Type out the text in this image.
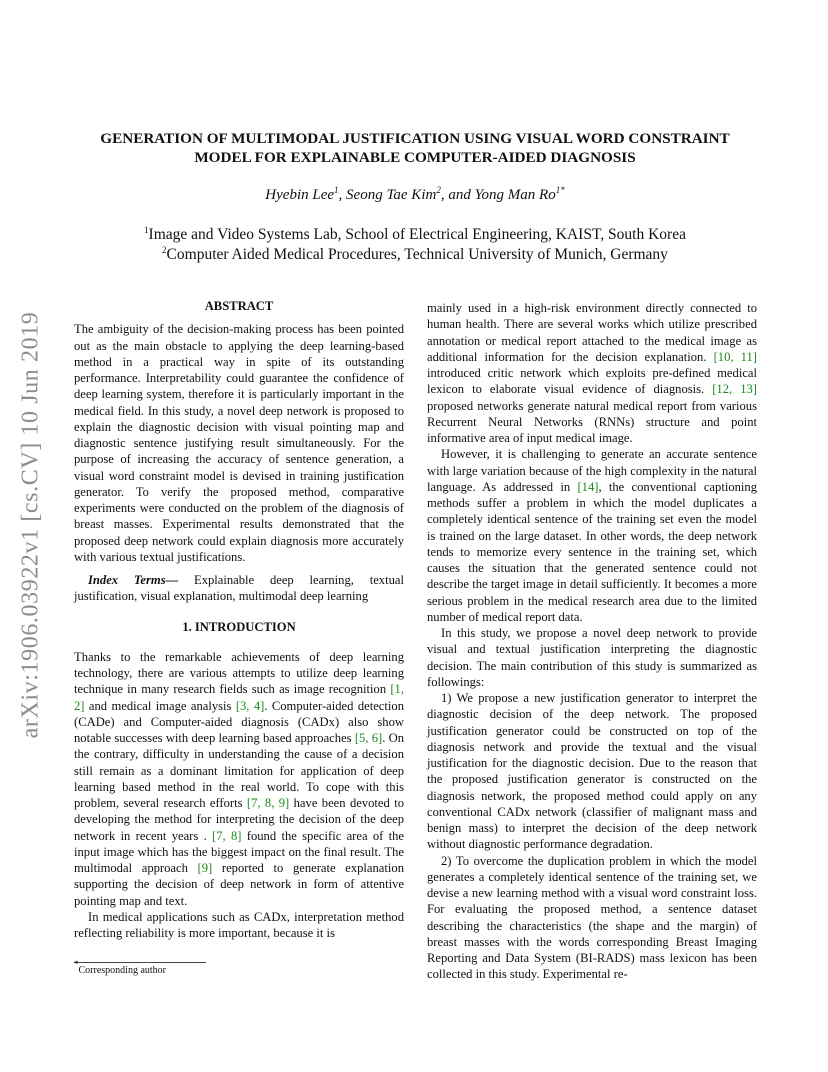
arXiv:1906.03922v1 [cs.CV] 10 Jun 2019
GENERATION OF MULTIMODAL JUSTIFICATION USING VISUAL WORD CONSTRAINT
MODEL FOR EXPLAINABLE COMPUTER-AIDED DIAGNOSIS
Hyebin Lee$^1$, Seong Tae Kim$^2$, and Yong Man $Ro^{1*}$
$^1$Image and Video Systems Lab, School of Electrical Engineering, KAIST, South Korea
$^2$Computer Aided Medical Procedures, Technical University of Munich, Germany

ABSTRACT

The ambiguity of the decision-making process has been pointed out as the main obstacle to applying the deep learning-based method in a practical way in spite of its outstanding performance. Interpretability could guarantee the confidence of deep learning system, therefore it is particularly important in the medical field. In this study, a novel deep network is proposed to explain the diagnostic decision with visual pointing map and diagnostic sentence justifying result simultaneously. For the purpose of increasing the accuracy of sentence generation, a visual word constraint model is devised in training justification generator. To verify the proposed method, comparative experiments were conducted on the problem of the diagnosis of breast masses. Experimental results demonstrated that the proposed deep network could explain diagnosis more accurately with various textual justifications.

Index Terms— Explainable deep learning, textual justification, visual explanation, multimodal deep learning

1. INTRODUCTION

Thanks to the remarkable achievements of deep learning technology, there are various attempts to utilize deep learning technique in many research fields such as image recognition [1, 2] and medical image analysis [3, 4]. Computer-aided detection (CADe) and Computer-aided diagnosis (CADx) also show notable successes with deep learning based approaches [5, 6]. On the contrary, difficulty in understanding the cause of a decision still remain as a dominant limitation for application of deep learning based method in the real world. To cope with this problem, several research efforts [7, 8, 9] have been devoted to developing the method for interpreting the decision of the deep network in recent years . [7, 8] found the specific area of the input image which has the biggest impact on the final result. The multimodal approach [9] reported to generate explanation supporting the decision of deep network in form of attentive pointing map and text.

In medical applications such as CADx, interpretation method reflecting reliability is more important, because it is

*Corresponding author

mainly used in a high-risk environment directly connected to human health. There are several works which utilize prescribed annotation or medical report attached to the medical image as additional information for the decision explanation. [10, 11] introduced critic network which exploits pre-defined medical lexicon to elaborate visual evidence of diagnosis. [12, 13] proposed networks generate natural medical report from various Recurrent Neural Networks (RNNs) structure and point informative area of input medical image.

However, it is challenging to generate an accurate sentence with large variation because of the high complexity in the natural language. As addressed in [14], the conventional captioning methods suffer a problem in which the model duplicates a completely identical sentence of the training set even the model is trained on the large dataset. In other words, the deep network tends to memorize every sentence in the training set, which causes the situation that the generated sentence could not describe the target image in detail sufficiently. It becomes a more serious problem in the medical research area due to the limited number of medical report data.

In this study, we propose a novel deep network to provide visual and textual justification interpreting the diagnostic decision. The main contribution of this study is summarized as followings:

1) We propose a new justification generator to interpret the diagnostic decision of the deep network. The proposed justification generator could be constructed on top of the diagnosis network and provide the textual and the visual justification for the diagnostic decision. Due to the reason that the proposed justification generator is constructed on the diagnosis network, the proposed method could apply on any conventional CADx network (classifier of malignant mass and benign mass) to interpret the decision of the deep network without diagnostic performance degradation.

2) To overcome the duplication problem in which the model generates a completely identical sentence of the training set, we devise a new learning method with a visual word constraint loss. For evaluating the proposed method, a sentence dataset describing the characteristics (the shape and the margin) of breast masses with the words corresponding Breast Imaging Reporting and Data System (BI-RADS) mass lexicon has been collected in this study. Experimental re-
